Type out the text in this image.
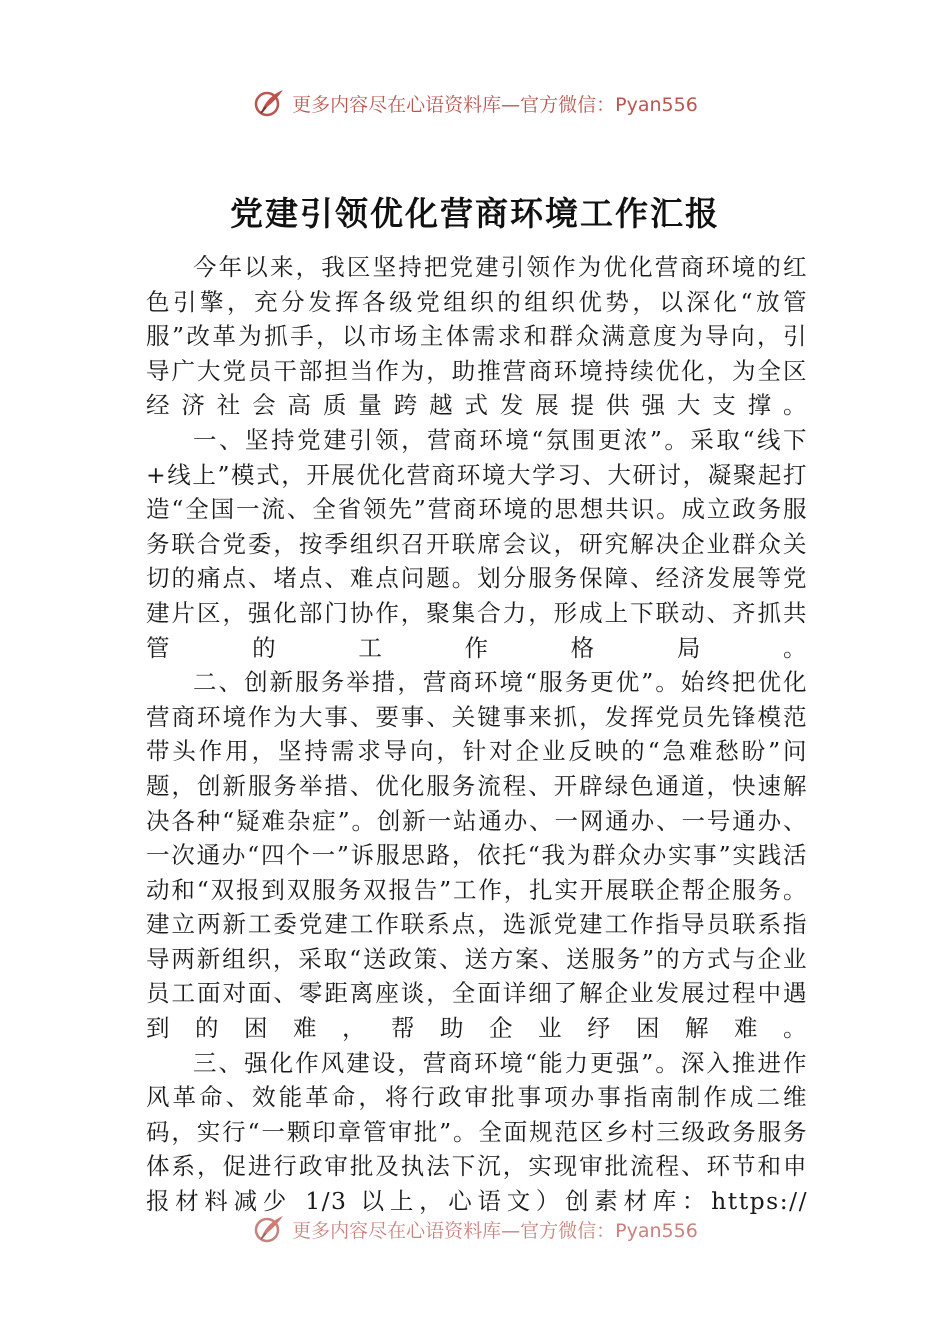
更多内容尽在心语资料库—官方微信：Pyan556
党建引领优化营商环境工作汇报

今年以来，我区坚持把党建引领作为优化营商环境的红色引擎，充分发挥各级党组织的组织优势，以深化“放管服”改革为抓手，以市场主体需求和群众满意度为导向，引导广大党员干部担当作为，助推营商环境持续优化，为全区经济社会高质量跨越式发展提供强大支撑。

一、坚持党建引领，营商环境“氛围更浓”。采取“线下+线上”模式，开展优化营商环境大学习、大研讨，凝聚起打造“全国一流、全省领先”营商环境的思想共识。成立政务服务联合党委，按季组织召开联席会议，研究解决企业群众关切的痛点、堵点、难点问题。划分服务保障、经济发展等党建片区，强化部门协作，聚集合力，形成上下联动、齐抓共管的工作格局。

二、创新服务举措，营商环境“服务更优”。始终把优化营商环境作为大事、要事、关键事来抓，发挥党员先锋模范带头作用，坚持需求导向，针对企业反映的“急难愁盼”问题，创新服务举措、优化服务流程、开辟绿色通道，快速解决各种“疑难杂症”。创新一站通办、一网通办、一号通办、一次通办“四个一”诉服思路，依托“我为群众办实事”实践活动和“双报到双服务双报告”工作，扎实开展联企帮企服务。建立两新工委党建工作联系点，选派党建工作指导员联系指导两新组织，采取“送政策、送方案、送服务”的方式与企业员工面对面、零距离座谈，全面详细了解企业发展过程中遇到的困难，帮助企业纾困解难。

三、强化作风建设，营商环境“能力更强”。深入推进作风革命、效能革命，将行政审批事项办事指南制作成二维码，实行“一颗印章管审批”。全面规范区乡村三级政务服务体系，促进行政审批及执法下沉，实现审批流程、环节和申报材料减少 1/3 以上，心语文）创素材库：https://

更多内容尽在心语资料库—官方微信：Pyan556
